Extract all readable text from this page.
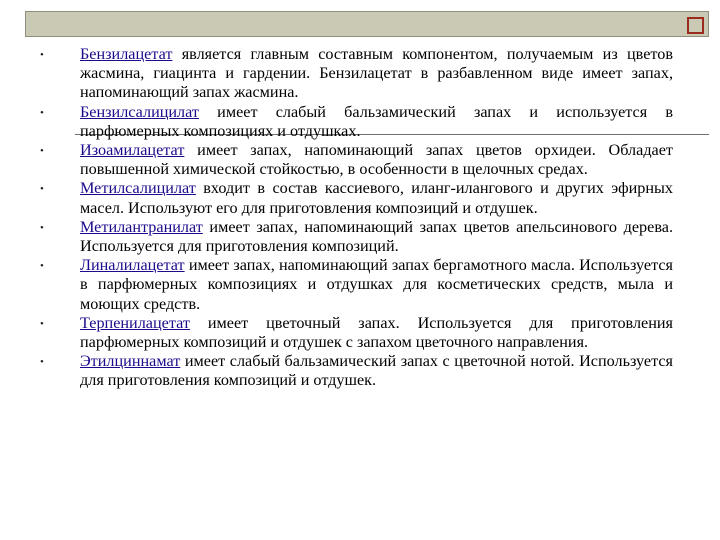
• Бензилацетат является главным составным компонентом, получаемым из цветов жасмина, гиацинта и гардении. Бензилацетат в разбавленном виде имеет запах, напоминающий запах жасмина.
• Бензилсалицилат имеет слабый бальзамический запах и используется в парфюмерных композициях и отдушках.
• Изоамилацетат имеет запах, напоминающий запах цветов орхидеи. Обладает повышенной химической стойкостью, в особенности в щелочных средах.
• Метилсалицилат входит в состав кассиевого, иланг-илангового и других эфирных масел. Используют его для приготовления композиций и отдушек.
• Метилантранилат имеет запах, напоминающий запах цветов апельсинового дерева. Используется для приготовления композиций.
• Линалилацетат имеет запах, напоминающий запах бергамотного масла. Используется в парфюмерных композициях и отдушках для косметических средств, мыла и моющих средств.
• Терпенилацетат имеет цветочный запах. Используется для приготовления парфюмерных композиций и отдушек с запахом цветочного направления.
• Этилциннамат имеет слабый бальзамический запах с цветочной нотой. Используется для приготовления композиций и отдушек.
